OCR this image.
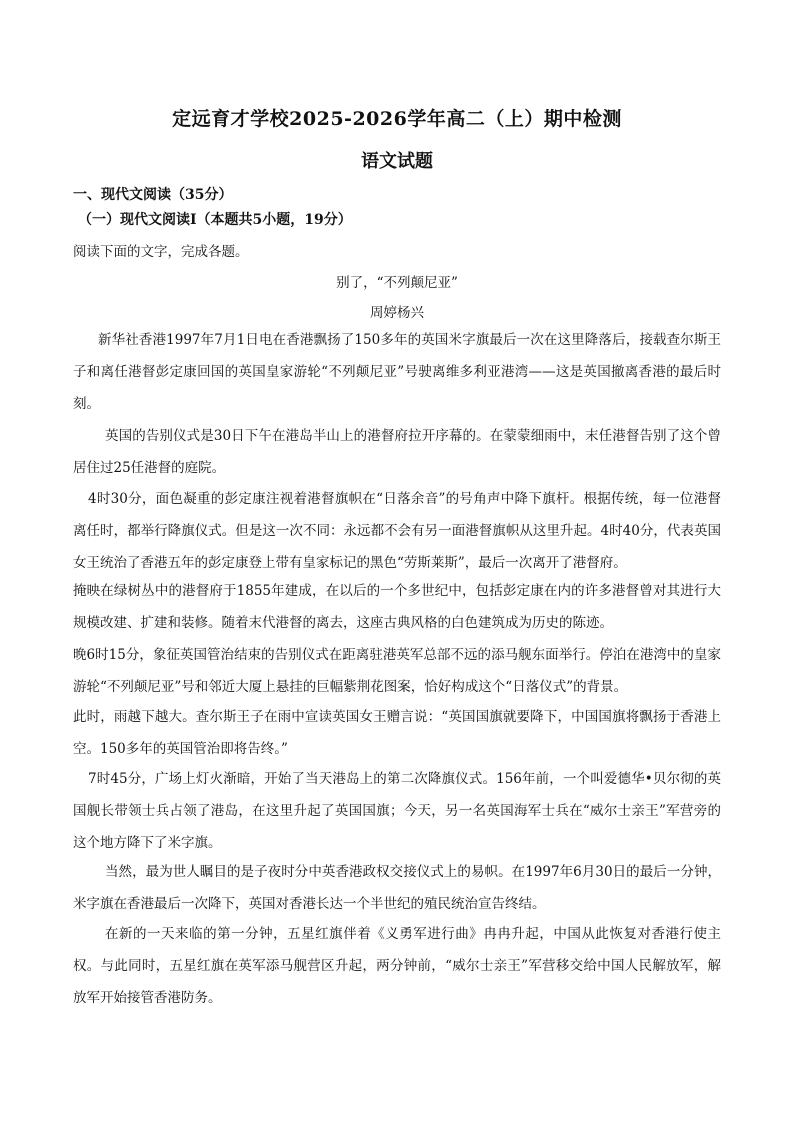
定远育才学校2025-2026学年高二（上）期中检测
语文试题
一、现代文阅读（35分）
（一）现代文阅读Ⅰ（本题共5小题，19分）
阅读下面的文字，完成各题。
别了，“不列颠尼亚”
周婷杨兴

新华社香港1997年7月1日电在香港飘扬了150多年的英国米字旗最后一次在这里降落后，接载查尔斯王子和离任港督彭定康回国的英国皇家游轮“不列颠尼亚”号驶离维多利亚港湾——这是英国撤离香港的最后时刻。

英国的告别仪式是30日下午在港岛半山上的港督府拉开序幕的。在蒙蒙细雨中，末任港督告别了这个曾居住过25任港督的庭院。

4时30分，面色凝重的彭定康注视着港督旗帜在“日落余音”的号角声中降下旗杆。根据传统，每一位港督离任时，都举行降旗仪式。但是这一次不同：永远都不会有另一面港督旗帜从这里升起。4时40分，代表英国女王统治了香港五年的彭定康登上带有皇家标记的黑色“劳斯莱斯”，最后一次离开了港督府。

掩映在绿树丛中的港督府于1855年建成，在以后的一个多世纪中，包括彭定康在内的许多港督曾对其进行大规模改建、扩建和装修。随着末代港督的离去，这座古典风格的白色建筑成为历史的陈迹。

晚6时15分，象征英国管治结束的告别仪式在距离驻港英军总部不远的添马舰东面举行。停泊在港湾中的皇家游轮“不列颠尼亚”号和邻近大厦上悬挂的巨幅紫荆花图案，恰好构成这个“日落仪式”的背景。

此时，雨越下越大。查尔斯王子在雨中宣读英国女王赠言说：“英国国旗就要降下，中国国旗将飘扬于香港上空。150多年的英国管治即将告终。”

7时45分，广场上灯火渐暗，开始了当天港岛上的第二次降旗仪式。156年前，一个叫爱德华•贝尔彻的英国舰长带领士兵占领了港岛，在这里升起了英国国旗；今天，另一名英国海军士兵在“威尔士亲王”军营旁的这个地方降下了米字旗。

当然，最为世人瞩目的是子夜时分中英香港政权交接仪式上的易帜。在1997年6月30日的最后一分钟，米字旗在香港最后一次降下，英国对香港长达一个半世纪的殖民统治宣告终结。

在新的一天来临的第一分钟，五星红旗伴着《义勇军进行曲》冉冉升起，中国从此恢复对香港行使主权。与此同时，五星红旗在英军添马舰营区升起，两分钟前，“威尔士亲王”军营移交给中国人民解放军，解放军开始接管香港防务。
